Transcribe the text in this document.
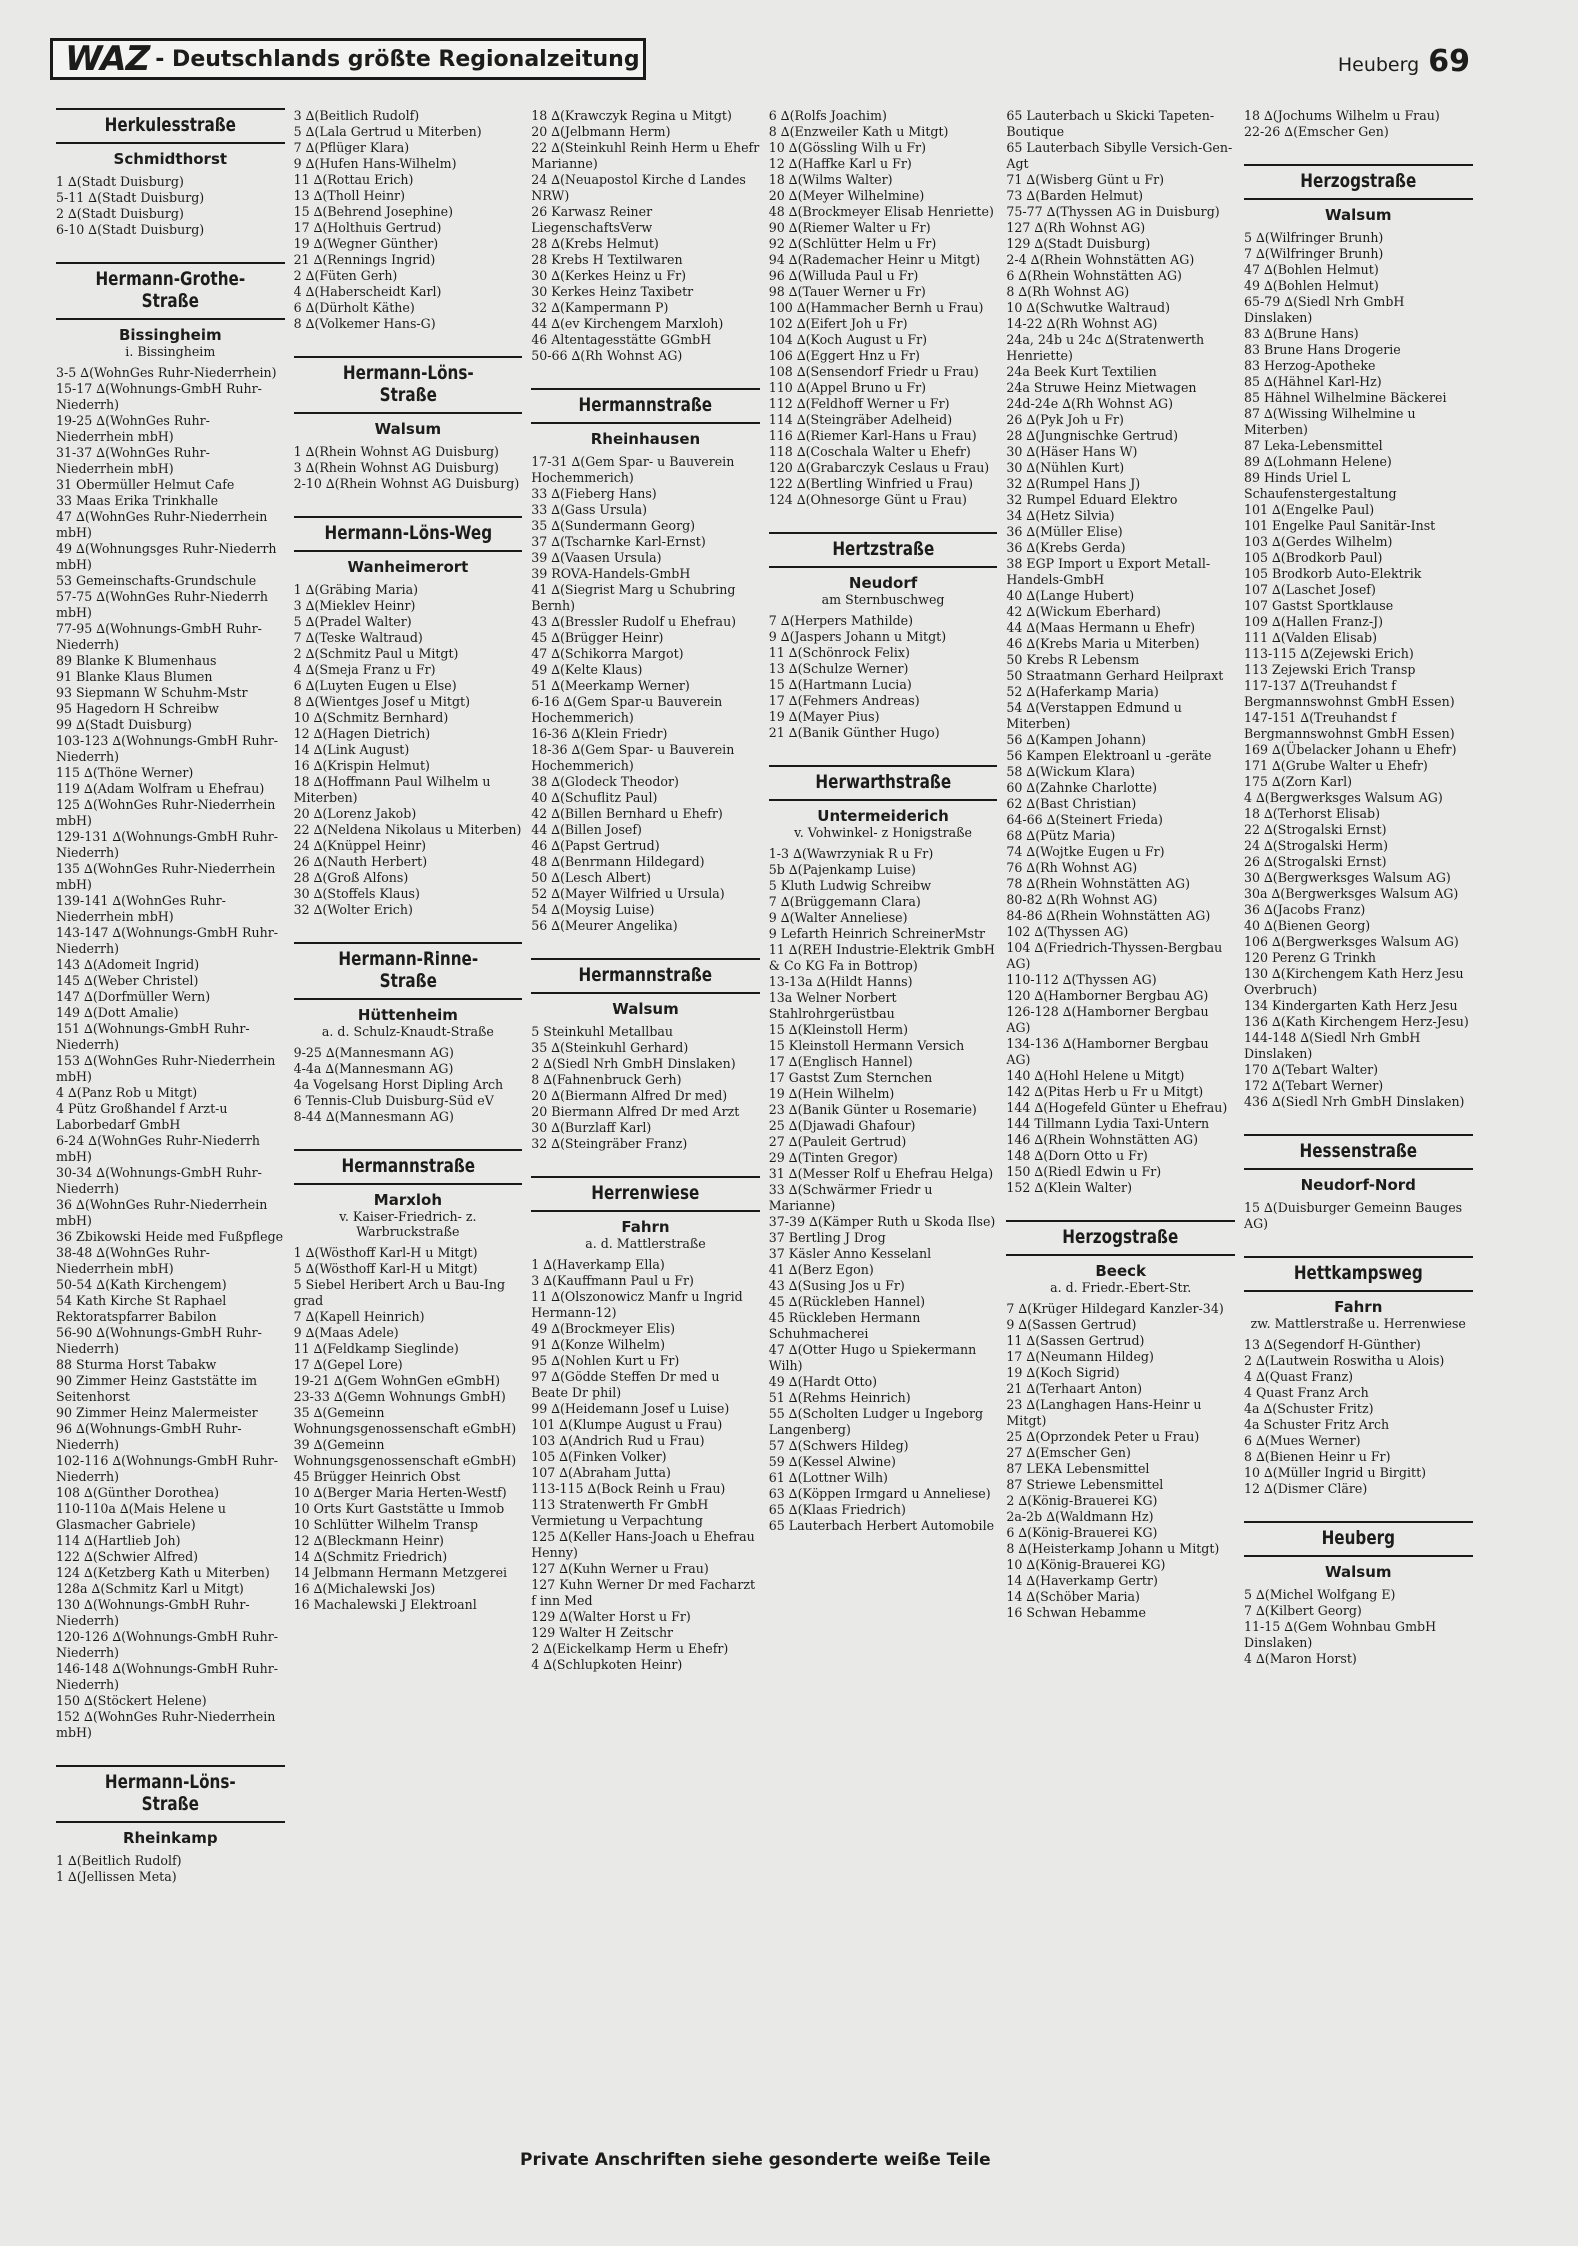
WAZ - Deutschlands größte Regionalzeitung	Heuberg 69
Herkulesstraße
Schmidthorst
1 ∆(Stadt Duisburg)
5-11 ∆(Stadt Duisburg)
2 ∆(Stadt Duisburg)
6-10 ∆(Stadt Duisburg)
Hermann-Grothe-Straße
Bissingheim
i. Bissingheim
3-5 ∆(WohnGes Ruhr-Niederrhein)
15-17 ∆(Wohnungs-GmbH Ruhr-Niederrh)
19-25 ∆(WohnGes Ruhr-Niederrhein mbH)
31-37 ∆(WohnGes Ruhr-Niederrhein mbH)
31 Obermüller Helmut Cafe
33 Maas Erika Trinkhalle
47 ∆(WohnGes Ruhr-Niederrhein mbH)
49 ∆(Wohnungsges Ruhr-Niederrh mbH)
53 Gemeinschafts-Grundschule
57-75 ∆(WohnGes Ruhr-Niederrh mbH)
77-95 ∆(Wohnungs-GmbH Ruhr-Niederrh)
89 Blanke K Blumenhaus
91 Blanke Klaus Blumen
93 Siepmann W Schuhm-Mstr
95 Hagedorn H Schreibw
99 ∆(Stadt Duisburg)
103-123 ∆(Wohnungs-GmbH Ruhr-Niederrh)
115 ∆(Thöne Werner)
119 ∆(Adam Wolfram u Ehefrau)
125 ∆(WohnGes Ruhr-Niederrhein mbH)
129-131 ∆(Wohnungs-GmbH Ruhr-Niederrh)
135 ∆(WohnGes Ruhr-Niederrhein mbH)
139-141 ∆(WohnGes Ruhr-Niederrhein mbH)
143-147 ∆(Wohnungs-GmbH Ruhr-Niederrh)
143 ∆(Adomeit Ingrid)
145 ∆(Weber Christel)
147 ∆(Dorfmüller Wern)
149 ∆(Dott Amalie)
151 ∆(Wohnungs-GmbH Ruhr-Niederrh)
153 ∆(WohnGes Ruhr-Niederrhein mbH)
4 ∆(Panz Rob u Mitgt)
4 Pütz Großhandel f Arzt-u Laborbedarf GmbH
6-24 ∆(WohnGes Ruhr-Niederrh mbH)
30-34 ∆(Wohnungs-GmbH Ruhr-Niederrh)
36 ∆(WohnGes Ruhr-Niederrhein mbH)
36 Zbikowski Heide med Fußpflege
38-48 ∆(WohnGes Ruhr-Niederrhein mbH)
50-54 ∆(Kath Kirchengem)
54 Kath Kirche St Raphael Rektoratspfarrer Babilon
56-90 ∆(Wohnungs-GmbH Ruhr-Niederrh)
88 Sturma Horst Tabakw
90 Zimmer Heinz Gaststätte im Seitenhorst
90 Zimmer Heinz Malermeister
96 ∆(Wohnungs-GmbH Ruhr-Niederrh)
102-116 ∆(Wohnungs-GmbH Ruhr-Niederrh)
108 ∆(Günther Dorothea)
110-110a ∆(Mais Helene u Glasmacher Gabriele)
114 ∆(Hartlieb Joh)
122 ∆(Schwier Alfred)
124 ∆(Ketzberg Kath u Miterben)
128a ∆(Schmitz Karl u Mitgt)
130 ∆(Wohnungs-GmbH Ruhr-Niederrh)
120-126 ∆(Wohnungs-GmbH Ruhr-Niederrh)
146-148 ∆(Wohnungs-GmbH Ruhr-Niederrh)
150 ∆(Stöckert Helene)
152 ∆(WohnGes Ruhr-Niederrhein mbH)
Hermann-Löns-Straße
Rheinkamp
1 ∆(Beitlich Rudolf)
1 ∆(Jellissen Meta)
3 ∆(Beitlich Rudolf)
5 ∆(Lala Gertrud u Miterben)
7 ∆(Pflüger Klara)
9 ∆(Hufen Hans-Wilhelm)
11 ∆(Rottau Erich)
13 ∆(Tholl Heinr)
15 ∆(Behrend Josephine)
17 ∆(Holthuis Gertrud)
19 ∆(Wegner Günther)
21 ∆(Rennings Ingrid)
2 ∆(Füten Gerh)
4 ∆(Haberscheidt Karl)
6 ∆(Dürholt Käthe)
8 ∆(Volkemer Hans-G)
Hermann-Löns-Straße
Walsum
1 ∆(Rhein Wohnst AG Duisburg)
3 ∆(Rhein Wohnst AG Duisburg)
2-10 ∆(Rhein Wohnst AG Duisburg)
Hermann-Löns-Weg
Wanheimerort
1 ∆(Gräbing Maria)
3 ∆(Mieklev Heinr)
5 ∆(Pradel Walter)
7 ∆(Teske Waltraud)
2 ∆(Schmitz Paul u Mitgt)
4 ∆(Smeja Franz u Fr)
6 ∆(Luyten Eugen u Else)
8 ∆(Wientges Josef u Mitgt)
10 ∆(Schmitz Bernhard)
12 ∆(Hagen Dietrich)
14 ∆(Link August)
16 ∆(Krispin Helmut)
18 ∆(Hoffmann Paul Wilhelm u Miterben)
20 ∆(Lorenz Jakob)
22 ∆(Neldena Nikolaus u Miterben)
24 ∆(Knüppel Heinr)
26 ∆(Nauth Herbert)
28 ∆(Groß Alfons)
30 ∆(Stoffels Klaus)
32 ∆(Wolter Erich)
Hermann-Rinne-Straße
Hüttenheim
a. d. Schulz-Knaudt-Straße
9-25 ∆(Mannesmann AG)
4-4a ∆(Mannesmann AG)
4a Vogelsang Horst Dipling Arch
6 Tennis-Club Duisburg-Süd eV
8-44 ∆(Mannesmann AG)
Hermannstraße
Marxloh
v. Kaiser-Friedrich- z. Warbruckstraße
1 ∆(Wösthoff Karl-H u Mitgt)
5 ∆(Wösthoff Karl-H u Mitgt)
5 Siebel Heribert Arch u Bau-Ing grad
7 ∆(Kapell Heinrich)
9 ∆(Maas Adele)
11 ∆(Feldkamp Sieglinde)
17 ∆(Gepel Lore)
19-21 ∆(Gem WohnGen eGmbH)
23-33 ∆(Gemn Wohnungs GmbH)
35 ∆(Gemeinn Wohnungsgenossenschaft eGmbH)
39 ∆(Gemeinn Wohnungsgenossenschaft eGmbH)
45 Brügger Heinrich Obst
10 ∆(Berger Maria Herten-Westf)
10 Orts Kurt Gaststätte u Immob
10 Schlütter Wilhelm Transp
12 ∆(Bleckmann Heinr)
14 ∆(Schmitz Friedrich)
14 Jelbmann Hermann Metzgerei
16 ∆(Michalewski Jos)
16 Machalewski J Elektroanl
18 ∆(Krawczyk Regina u Mitgt)
20 ∆(Jelbmann Herm)
22 ∆(Steinkuhl Reinh Herm u Ehefr Marianne)
24 ∆(Neuapostol Kirche d Landes NRW)
26 Karwasz Reiner LiegenschaftsVerw
28 ∆(Krebs Helmut)
28 Krebs H Textilwaren
30 ∆(Kerkes Heinz u Fr)
30 Kerkes Heinz Taxibetr
32 ∆(Kampermann P)
44 ∆(ev Kirchengem Marxloh)
46 Altentagesstätte GGmbH
50-66 ∆(Rh Wohnst AG)
Hermannstraße
Rheinhausen
17-31 ∆(Gem Spar- u Bauverein Hochemmerich)
33 ∆(Fieberg Hans)
33 ∆(Gass Ursula)
35 ∆(Sundermann Georg)
37 ∆(Tscharnke Karl-Ernst)
39 ∆(Vaasen Ursula)
39 ROVA-Handels-GmbH
41 ∆(Siegrist Marg u Schubring Bernh)
43 ∆(Bressler Rudolf u Ehefrau)
45 ∆(Brügger Heinr)
47 ∆(Schikorra Margot)
49 ∆(Kelte Klaus)
51 ∆(Meerkamp Werner)
6-16 ∆(Gem Spar-u Bauverein Hochemmerich)
16-36 ∆(Klein Friedr)
18-36 ∆(Gem Spar- u Bauverein Hochemmerich)
38 ∆(Glodeck Theodor)
40 ∆(Schuflitz Paul)
42 ∆(Billen Bernhard u Ehefr)
44 ∆(Billen Josef)
46 ∆(Papst Gertrud)
48 ∆(Benrmann Hildegard)
50 ∆(Lesch Albert)
52 ∆(Mayer Wilfried u Ursula)
54 ∆(Moysig Luise)
56 ∆(Meurer Angelika)
Hermannstraße
Walsum
5 Steinkuhl Metallbau
35 ∆(Steinkuhl Gerhard)
2 ∆(Siedl Nrh GmbH Dinslaken)
8 ∆(Fahnenbruck Gerh)
20 ∆(Biermann Alfred Dr med)
20 Biermann Alfred Dr med Arzt
30 ∆(Burzlaff Karl)
32 ∆(Steingräber Franz)
Herrenwiese
Fahrn
a. d. Mattlerstraße
1 ∆(Haverkamp Ella)
3 ∆(Kauffmann Paul u Fr)
11 ∆(Olszonowicz Manfr u Ingrid Hermann-12)
49 ∆(Brockmeyer Elis)
91 ∆(Konze Wilhelm)
95 ∆(Nohlen Kurt u Fr)
97 ∆(Gödde Steffen Dr med u Beate Dr phil)
99 ∆(Heidemann Josef u Luise)
101 ∆(Klumpe August u Frau)
103 ∆(Andrich Rud u Frau)
105 ∆(Finken Volker)
107 ∆(Abraham Jutta)
113-115 ∆(Bock Reinh u Frau)
113 Stratenwerth Fr GmbH Vermietung u Verpachtung
125 ∆(Keller Hans-Joach u Ehefrau Henny)
127 ∆(Kuhn Werner u Frau)
127 Kuhn Werner Dr med Facharzt f inn Med
129 ∆(Walter Horst u Fr)
129 Walter H Zeitschr
2 ∆(Eickelkamp Herm u Ehefr)
4 ∆(Schlupkoten Heinr)
6 ∆(Rolfs Joachim)
8 ∆(Enzweiler Kath u Mitgt)
10 ∆(Gössling Wilh u Fr)
12 ∆(Haffke Karl u Fr)
18 ∆(Wilms Walter)
20 ∆(Meyer Wilhelmine)
48 ∆(Brockmeyer Elisab Henriette)
90 ∆(Riemer Walter u Fr)
92 ∆(Schlütter Helm u Fr)
94 ∆(Rademacher Heinr u Mitgt)
96 ∆(Willuda Paul u Fr)
98 ∆(Tauer Werner u Fr)
100 ∆(Hammacher Bernh u Frau)
102 ∆(Eifert Joh u Fr)
104 ∆(Koch August u Fr)
106 ∆(Eggert Hnz u Fr)
108 ∆(Sensendorf Friedr u Frau)
110 ∆(Appel Bruno u Fr)
112 ∆(Feldhoff Werner u Fr)
114 ∆(Steingräber Adelheid)
116 ∆(Riemer Karl-Hans u Frau)
118 ∆(Coschala Walter u Ehefr)
120 ∆(Grabarczyk Ceslaus u Frau)
122 ∆(Bertling Winfried u Frau)
124 ∆(Ohnesorge Günt u Frau)
Hertzstraße
Neudorf
am Sternbuschweg
7 ∆(Herpers Mathilde)
9 ∆(Jaspers Johann u Mitgt)
11 ∆(Schönrock Felix)
13 ∆(Schulze Werner)
15 ∆(Hartmann Lucia)
17 ∆(Fehmers Andreas)
19 ∆(Mayer Pius)
21 ∆(Banik Günther Hugo)
Herwarthstraße
Untermeiderich
v. Vohwinkel- z Honigstraße
1-3 ∆(Wawrzyniak R u Fr)
5b ∆(Pajenkamp Luise)
5 Kluth Ludwig Schreibw
7 ∆(Brüggemann Clara)
9 ∆(Walter Anneliese)
9 Lefarth Heinrich SchreinerMstr
11 ∆(REH Industrie-Elektrik GmbH & Co KG Fa in Bottrop)
13-13a ∆(Hildt Hanns)
13a Welner Norbert Stahlrohrgerüstbau
15 ∆(Kleinstoll Herm)
15 Kleinstoll Hermann Versich
17 ∆(Englisch Hannel)
17 Gastst Zum Sternchen
19 ∆(Hein Wilhelm)
23 ∆(Banik Günter u Rosemarie)
25 ∆(Djawadi Ghafour)
27 ∆(Pauleit Gertrud)
29 ∆(Tinten Gregor)
31 ∆(Messer Rolf u Ehefrau Helga)
33 ∆(Schwärmer Friedr u Marianne)
37-39 ∆(Kämper Ruth u Skoda Ilse)
37 Bertling J Drog
37 Käsler Anno Kesselanl
41 ∆(Berz Egon)
43 ∆(Susing Jos u Fr)
45 ∆(Rückleben Hannel)
45 Rückleben Hermann Schuhmacherei
47 ∆(Otter Hugo u Spiekermann Wilh)
49 ∆(Hardt Otto)
51 ∆(Rehms Heinrich)
55 ∆(Scholten Ludger u Ingeborg Langenberg)
57 ∆(Schwers Hildeg)
59 ∆(Kessel Alwine)
61 ∆(Lottner Wilh)
63 ∆(Köppen Irmgard u Anneliese)
65 ∆(Klaas Friedrich)
65 Lauterbach Herbert Automobile
65 Lauterbach u Skicki Tapeten-Boutique
65 Lauterbach Sibylle Versich-Gen-Agt
71 ∆(Wisberg Günt u Fr)
73 ∆(Barden Helmut)
75-77 ∆(Thyssen AG in Duisburg)
127 ∆(Rh Wohnst AG)
129 ∆(Stadt Duisburg)
2-4 ∆(Rhein Wohnstätten AG)
6 ∆(Rhein Wohnstätten AG)
8 ∆(Rh Wohnst AG)
10 ∆(Schwutke Waltraud)
14-22 ∆(Rh Wohnst AG)
24a, 24b u 24c ∆(Stratenwerth Henriette)
24a Beek Kurt Textilien
24a Struwe Heinz Mietwagen
24d-24e ∆(Rh Wohnst AG)
26 ∆(Pyk Joh u Fr)
28 ∆(Jungnischke Gertrud)
30 ∆(Häser Hans W)
30 ∆(Nühlen Kurt)
32 ∆(Rumpel Hans J)
32 Rumpel Eduard Elektro
34 ∆(Hetz Silvia)
36 ∆(Müller Elise)
36 ∆(Krebs Gerda)
38 EGP Import u Export Metall-Handels-GmbH
40 ∆(Lange Hubert)
42 ∆(Wickum Eberhard)
44 ∆(Maas Hermann u Ehefr)
46 ∆(Krebs Maria u Miterben)
50 Krebs R Lebensm
50 Straatmann Gerhard Heilpraxt
52 ∆(Haferkamp Maria)
54 ∆(Verstappen Edmund u Miterben)
56 ∆(Kampen Johann)
56 Kampen Elektroanl u -geräte
58 ∆(Wickum Klara)
60 ∆(Zahnke Charlotte)
62 ∆(Bast Christian)
64-66 ∆(Steinert Frieda)
68 ∆(Pütz Maria)
74 ∆(Wojtke Eugen u Fr)
76 ∆(Rh Wohnst AG)
78 ∆(Rhein Wohnstätten AG)
80-82 ∆(Rh Wohnst AG)
84-86 ∆(Rhein Wohnstätten AG)
102 ∆(Thyssen AG)
104 ∆(Friedrich-Thyssen-Bergbau AG)
110-112 ∆(Thyssen AG)
120 ∆(Hamborner Bergbau AG)
126-128 ∆(Hamborner Bergbau AG)
134-136 ∆(Hamborner Bergbau AG)
140 ∆(Hohl Helene u Mitgt)
142 ∆(Pitas Herb u Fr u Mitgt)
144 ∆(Hogefeld Günter u Ehefrau)
144 Tillmann Lydia Taxi-Untern
146 ∆(Rhein Wohnstätten AG)
148 ∆(Dorn Otto u Fr)
150 ∆(Riedl Edwin u Fr)
152 ∆(Klein Walter)
Herzogstraße
Beeck
a. d. Friedr.-Ebert-Str.
7 ∆(Krüger Hildegard Kanzler-34)
9 ∆(Sassen Gertrud)
11 ∆(Sassen Gertrud)
17 ∆(Neumann Hildeg)
19 ∆(Koch Sigrid)
21 ∆(Terhaart Anton)
23 ∆(Langhagen Hans-Heinr u Mitgt)
25 ∆(Oprzondek Peter u Frau)
27 ∆(Emscher Gen)
87 LEKA Lebensmittel
87 Striewe Lebensmittel
2 ∆(König-Brauerei KG)
2a-2b ∆(Waldmann Hz)
6 ∆(König-Brauerei KG)
8 ∆(Heisterkamp Johann u Mitgt)
10 ∆(König-Brauerei KG)
14 ∆(Haverkamp Gertr)
14 ∆(Schöber Maria)
16 Schwan Hebamme
18 ∆(Jochums Wilhelm u Frau)
22-26 ∆(Emscher Gen)
Herzogstraße
Walsum
5 ∆(Wilfringer Brunh)
7 ∆(Wilfringer Brunh)
47 ∆(Bohlen Helmut)
49 ∆(Bohlen Helmut)
65-79 ∆(Siedl Nrh GmbH Dinslaken)
83 ∆(Brune Hans)
83 Brune Hans Drogerie
83 Herzog-Apotheke
85 ∆(Hähnel Karl-Hz)
85 Hähnel Wilhelmine Bäckerei
87 ∆(Wissing Wilhelmine u Miterben)
87 Leka-Lebensmittel
89 ∆(Lohmann Helene)
89 Hinds Uriel L Schaufenstergestaltung
101 ∆(Engelke Paul)
101 Engelke Paul Sanitär-Inst
103 ∆(Gerdes Wilhelm)
105 ∆(Brodkorb Paul)
105 Brodkorb Auto-Elektrik
107 ∆(Laschet Josef)
107 Gastst Sportklause
109 ∆(Hallen Franz-J)
111 ∆(Valden Elisab)
113-115 ∆(Zejewski Erich)
113 Zejewski Erich Transp
117-137 ∆(Treuhandst f Bergmannswohnst GmbH Essen)
147-151 ∆(Treuhandst f Bergmannswohnst GmbH Essen)
169 ∆(Übelacker Johann u Ehefr)
171 ∆(Grube Walter u Ehefr)
175 ∆(Zorn Karl)
4 ∆(Bergwerksges Walsum AG)
18 ∆(Terhorst Elisab)
22 ∆(Strogalski Ernst)
24 ∆(Strogalski Herm)
26 ∆(Strogalski Ernst)
30 ∆(Bergwerksges Walsum AG)
30a ∆(Bergwerksges Walsum AG)
36 ∆(Jacobs Franz)
40 ∆(Bienen Georg)
106 ∆(Bergwerksges Walsum AG)
120 Perenz G Trinkh
130 ∆(Kirchengem Kath Herz Jesu Overbruch)
134 Kindergarten Kath Herz Jesu
136 ∆(Kath Kirchengem Herz-Jesu)
144-148 ∆(Siedl Nrh GmbH Dinslaken)
170 ∆(Tebart Walter)
172 ∆(Tebart Werner)
436 ∆(Siedl Nrh GmbH Dinslaken)
Hessenstraße
Neudorf-Nord
15 ∆(Duisburger Gemeinn Bauges AG)
Hettkampsweg
Fahrn
zw. Mattlerstraße u. Herrenwiese
13 ∆(Segendorf H-Günther)
2 ∆(Lautwein Roswitha u Alois)
4 ∆(Quast Franz)
4 Quast Franz Arch
4a ∆(Schuster Fritz)
4a Schuster Fritz Arch
6 ∆(Mues Werner)
8 ∆(Bienen Heinr u Fr)
10 ∆(Müller Ingrid u Birgitt)
12 ∆(Dismer Cläre)
Heuberg
Walsum
5 ∆(Michel Wolfgang E)
7 ∆(Kilbert Georg)
11-15 ∆(Gem Wohnbau GmbH Dinslaken)
4 ∆(Maron Horst)
Private Anschriften siehe gesonderte weiße Teile
